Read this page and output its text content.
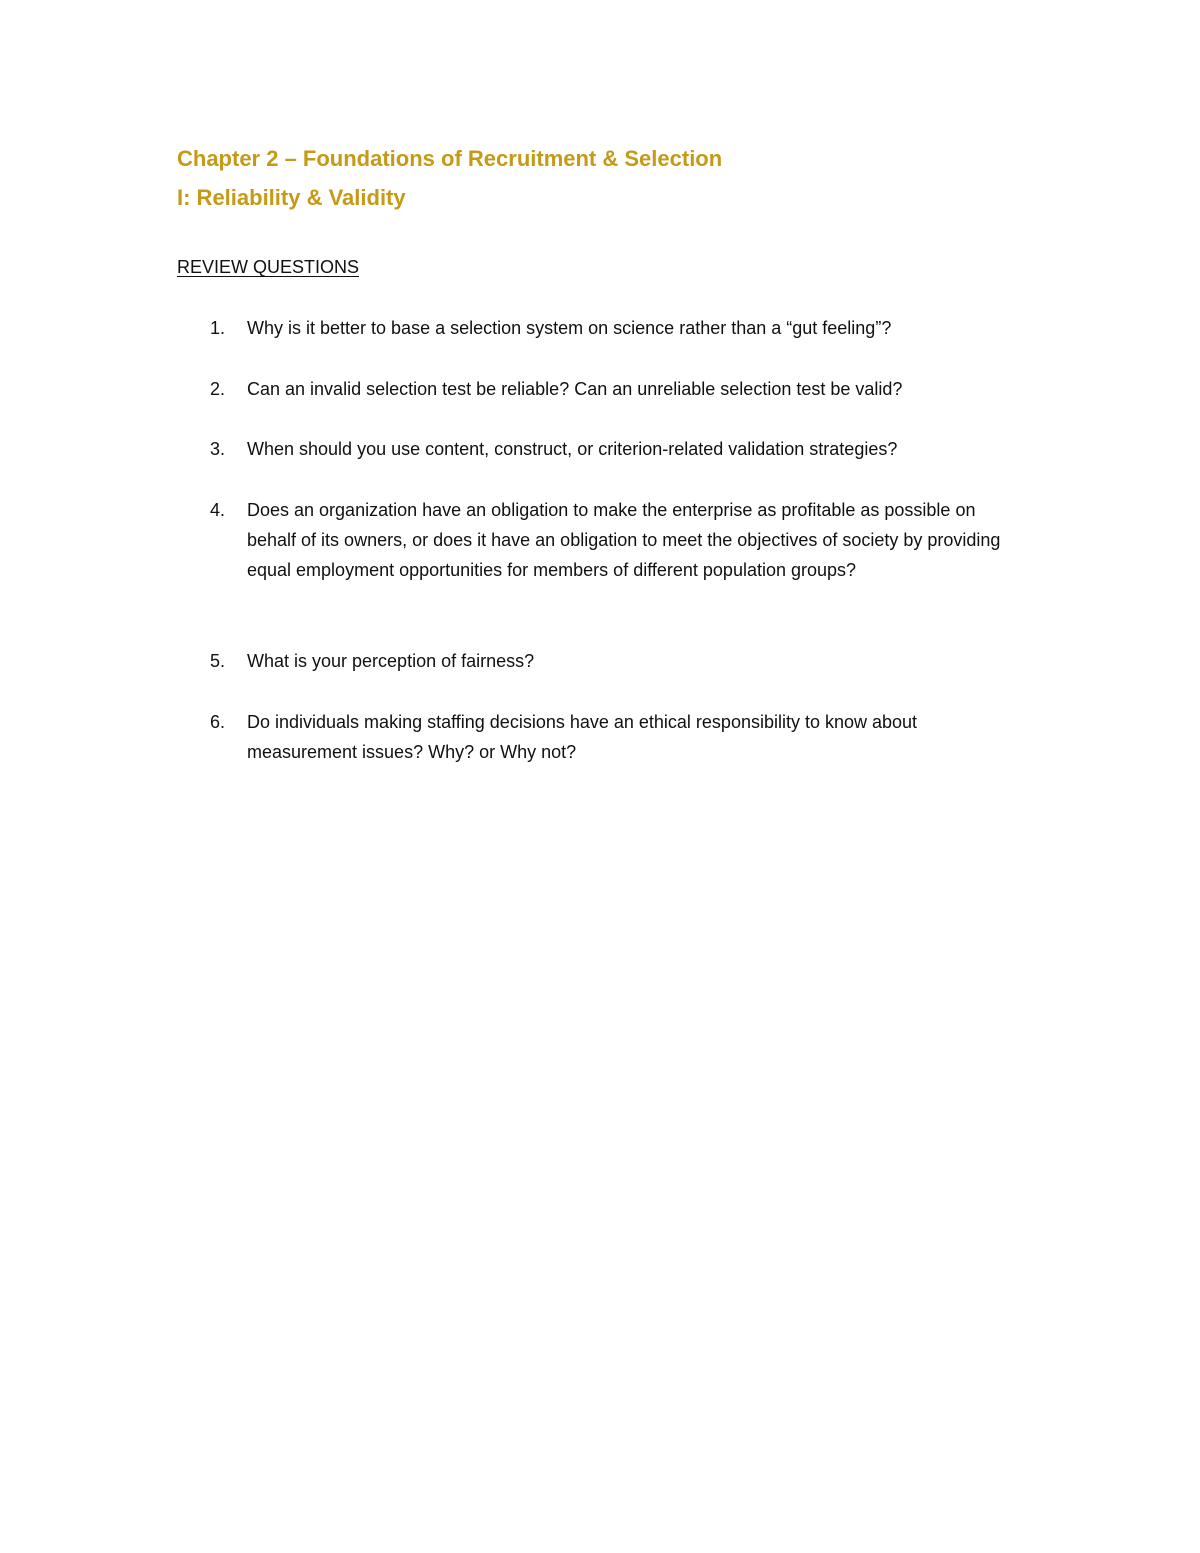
Chapter 2 – Foundations of Recruitment & Selection
I: Reliability & Validity
REVIEW QUESTIONS
1.	Why is it better to base a selection system on science rather than a “gut feeling”?
2.	Can an invalid selection test be reliable? Can an unreliable selection test be valid?
3.	When should you use content, construct, or criterion-related validation strategies?
4.	Does an organization have an obligation to make the enterprise as profitable as possible on behalf of its owners, or does it have an obligation to meet the objectives of society by providing equal employment opportunities for members of different population groups?
5.	What is your perception of fairness?
6.	Do individuals making staffing decisions have an ethical responsibility to know about measurement issues? Why? or Why not?
